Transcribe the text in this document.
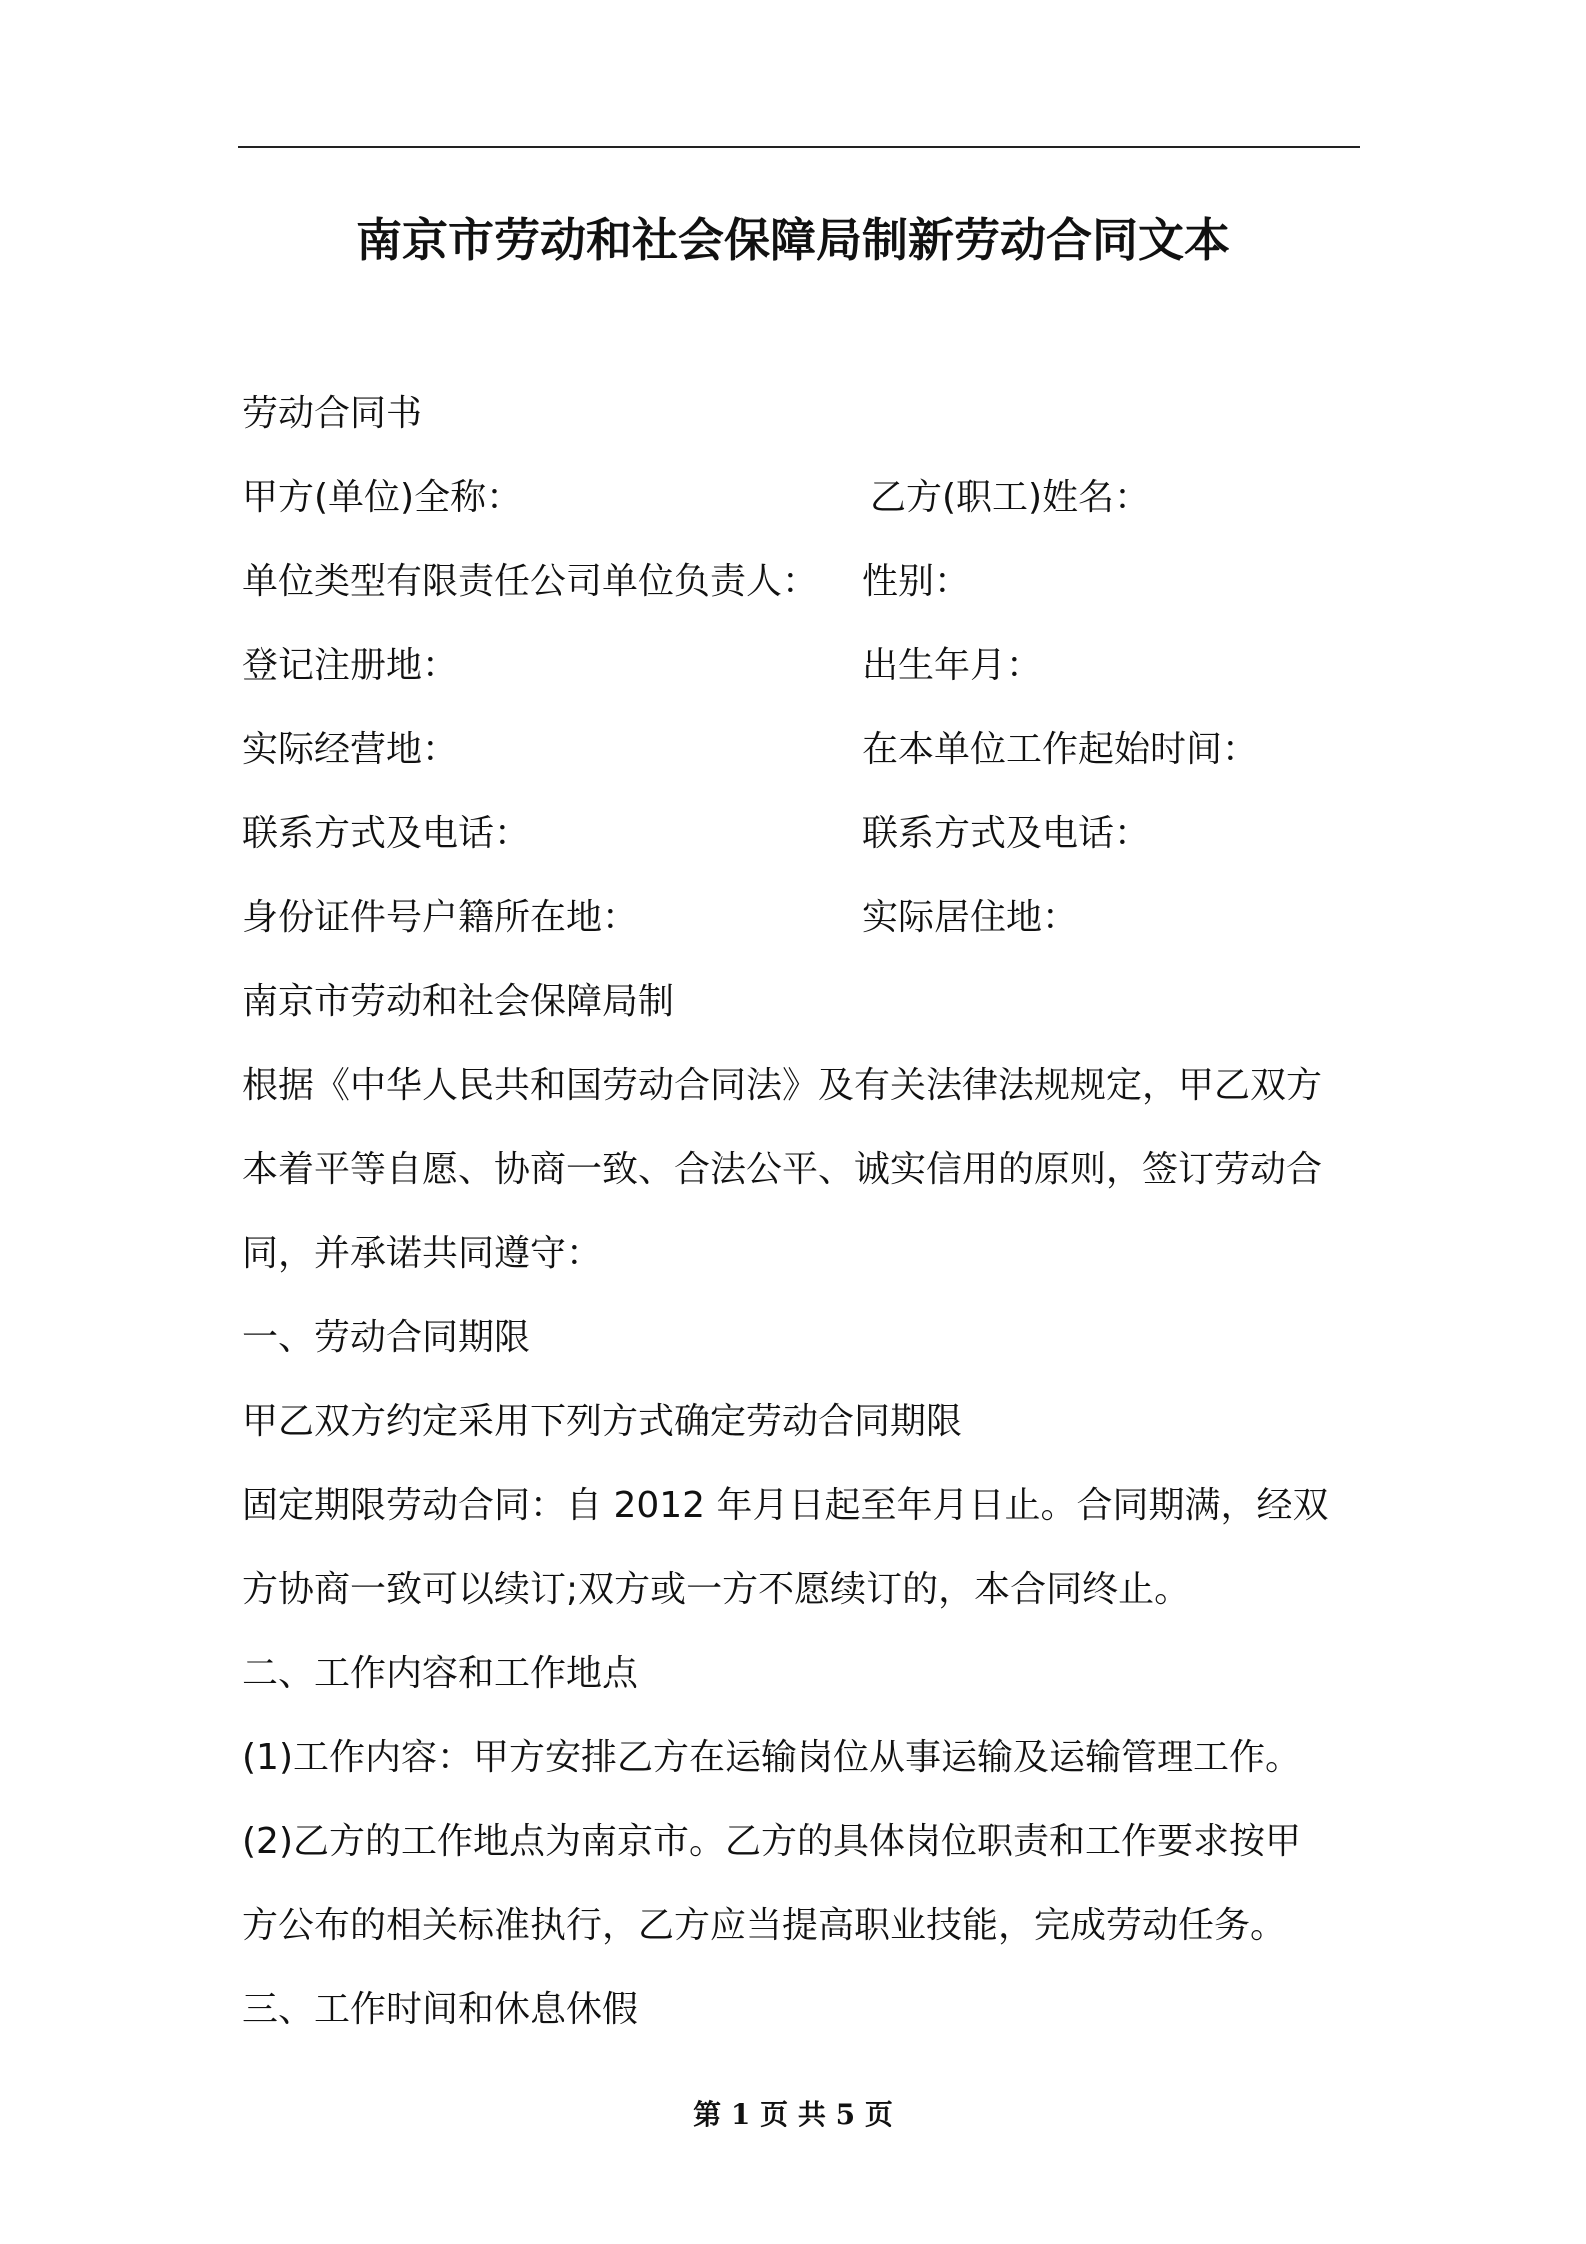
南京市劳动和社会保障局制新劳动合同文本
劳动合同书
甲方(单位)全称：	乙方(职工)姓名：
单位类型有限责任公司单位负责人：	性别：
登记注册地：	出生年月：
实际经营地：	在本单位工作起始时间：
联系方式及电话：	联系方式及电话：
身份证件号户籍所在地：	实际居住地：
南京市劳动和社会保障局制
根据《中华人民共和国劳动合同法》及有关法律法规规定，甲乙双方
本着平等自愿、协商一致、合法公平、诚实信用的原则，签订劳动合
同，并承诺共同遵守：
一、劳动合同期限
甲乙双方约定采用下列方式确定劳动合同期限
固定期限劳动合同：自 2012 年月日起至年月日止。合同期满，经双
方协商一致可以续订;双方或一方不愿续订的，本合同终止。
二、工作内容和工作地点
(1)工作内容：甲方安排乙方在运输岗位从事运输及运输管理工作。
(2)乙方的工作地点为南京市。乙方的具体岗位职责和工作要求按甲
方公布的相关标准执行，乙方应当提高职业技能，完成劳动任务。
三、工作时间和休息休假
第 1 页 共 5 页
